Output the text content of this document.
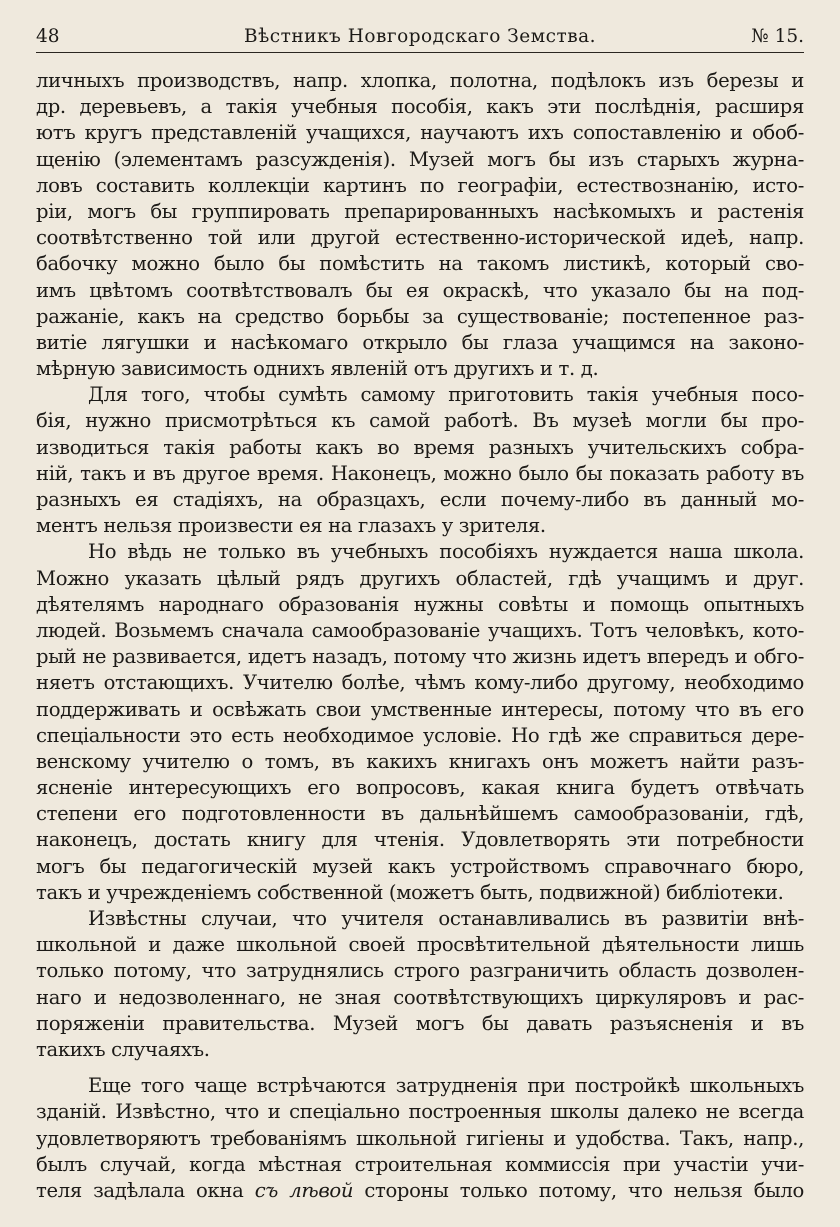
48	Вѣстникъ Новгородскаго Земства.	№ 15.
личныхъ производствъ, напр. хлопка, полотна, подѣлокъ изъ березы и
др. деревьевъ, а такія учебныя пособія, какъ эти послѣднія, расширя
ютъ кругъ представленій учащихся, научаютъ ихъ сопоставленію и обоб-
щенію (элементамъ разсужденія). Музей могъ бы изъ старыхъ журна-
ловъ составить коллекціи картинъ по географіи, естествознанію, исто-
ріи, могъ бы группировать препарированныхъ насѣкомыхъ и растенія
соотвѣтственно той или другой естественно-исторической идеѣ, напр.
бабочку можно было бы помѣстить на такомъ листикѣ, который сво-
имъ цвѣтомъ соотвѣтствовалъ бы ея окраскѣ, что указало бы на под-
ражаніе, какъ на средство борьбы за существованіе; постепенное раз-
витіе лягушки и насѣкомаго открыло бы глаза учащимся на законо-
мѣрную зависимость однихъ явленій отъ другихъ и т. д.
Для того, чтобы сумѣть самому приготовить такія учебныя посо-
бія, нужно присмотрѣться къ самой работѣ. Въ музеѣ могли бы про-
изводиться такія работы какъ во время разныхъ учительскихъ собра-
ній, такъ и въ другое время. Наконецъ, можно было бы показать работу въ
разныхъ ея стадіяхъ, на образцахъ, если почему-либо въ данный мо-
ментъ нельзя произвести ея на глазахъ у зрителя.
Но вѣдь не только въ учебныхъ пособіяхъ нуждается наша школа.
Можно указать цѣлый рядъ другихъ областей, гдѣ учащимъ и друг.
дѣятелямъ народнаго образованія нужны совѣты и помощь опытныхъ
людей. Возьмемъ сначала самообразованіе учащихъ. Тотъ человѣкъ, кото-
рый не развивается, идетъ назадъ, потому что жизнь идетъ впередъ и обго-
няетъ отстающихъ. Учителю болѣе, чѣмъ кому-либо другому, необходимо
поддерживать и освѣжать свои умственные интересы, потому что въ его
спеціальности это есть необходимое условіе. Но гдѣ же справиться дере-
венскому учителю о томъ, въ какихъ книгахъ онъ можетъ найти разъ-
ясненіе интересующихъ его вопросовъ, какая книга будетъ отвѣчать
степени его подготовленности въ дальнѣйшемъ самообразованіи, гдѣ,
наконецъ, достать книгу для чтенія. Удовлетворять эти потребности
могъ бы педагогическій музей какъ устройствомъ справочнаго бюро,
такъ и учрежденіемъ собственной (можетъ быть, подвижной) библіотеки.
Извѣстны случаи, что учителя останавливались въ развитіи внѣ-
школьной и даже школьной своей просвѣтительной дѣятельности лишь
только потому, что затруднялись строго разграничить область дозволен-
наго и недозволеннаго, не зная соотвѣтствующихъ циркуляровъ и рас-
поряженіи правительства. Музей могъ бы давать разъясненія и въ
такихъ случаяхъ.
Еще того чаще встрѣчаются затрудненія при постройкѣ школьныхъ
зданій. Извѣстно, что и спеціально построенныя школы далеко не всегда
удовлетворяютъ требованіямъ школьной гигіены и удобства. Такъ, напр.,
былъ случай, когда мѣстная строительная коммиссія при участіи учи-
теля задѣлала окна съ лѣвой стороны только потому, что нельзя было
